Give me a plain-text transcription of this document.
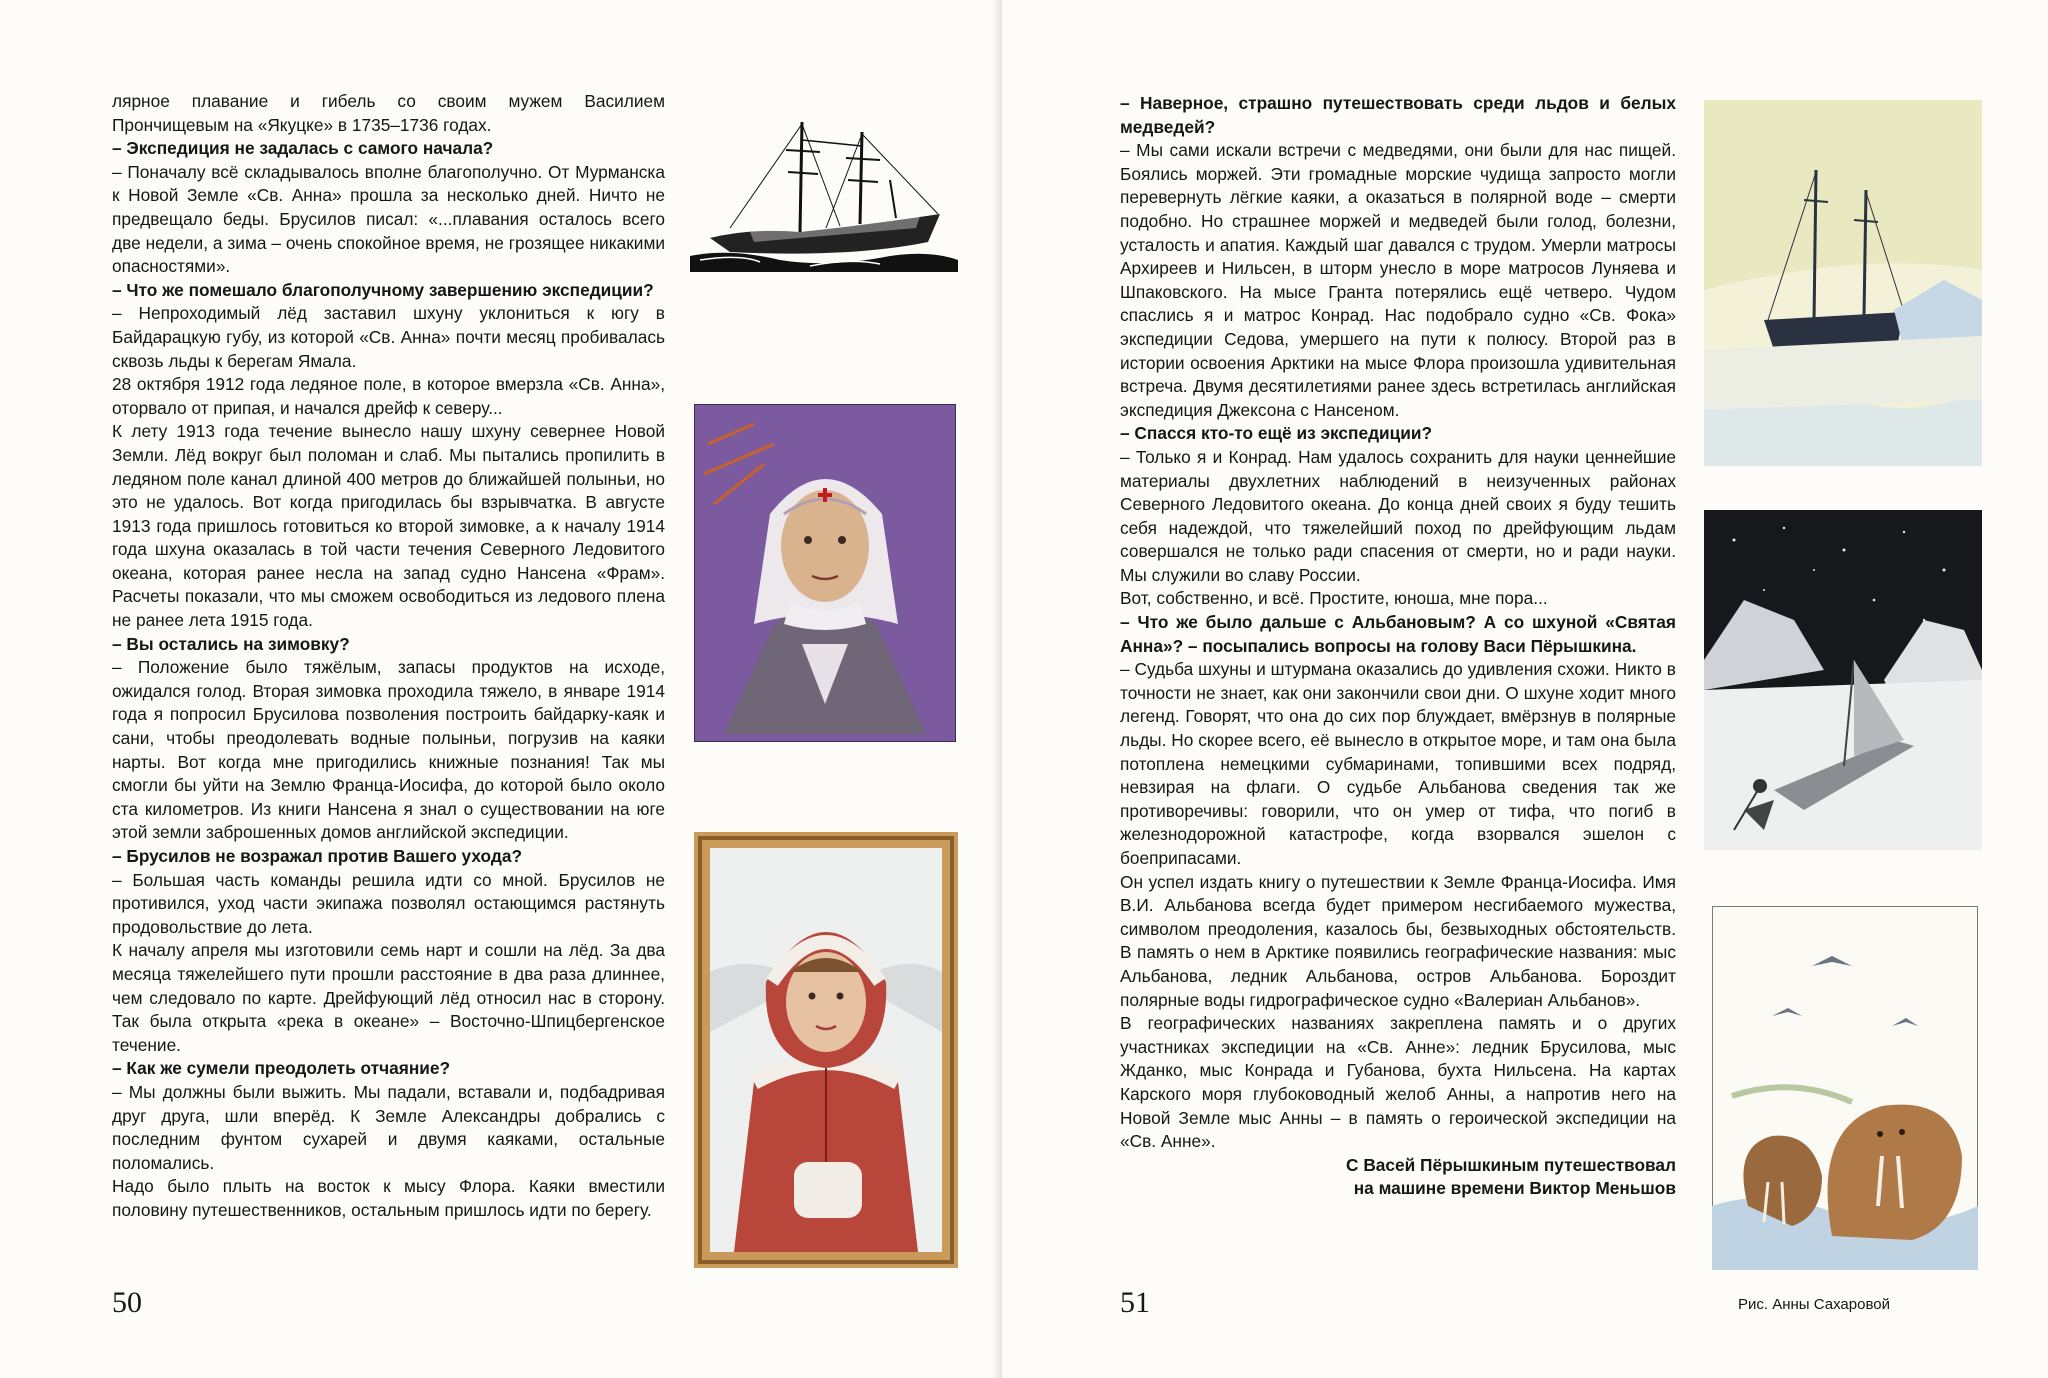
лярное плавание и гибель со своим мужем Василием Прончищевым на «Якуцке» в 1735–1736 годах.

– Экспедиция не задалась с самого начала?

– Поначалу всё складывалось вполне благополучно. От Мурманска к Новой Земле «Св. Анна» прошла за несколько дней. Ничто не предвещало беды. Брусилов писал: «...плавания осталось всего две недели, а зима – очень спокойное время, не грозящее никакими опасностями».

– Что же помешало благополучному завершению экспедиции?

– Непроходимый лёд заставил шхуну уклониться к югу в Байдарацкую губу, из которой «Св. Анна» почти месяц пробивалась сквозь льды к берегам Ямала.

28 октября 1912 года ледяное поле, в которое вмерзла «Св. Анна», оторвало от припая, и начался дрейф к северу...

К лету 1913 года течение вынесло нашу шхуну севернее Новой Земли. Лёд вокруг был поломан и слаб. Мы пытались пропилить в ледяном поле канал длиной 400 метров до ближайшей полыньи, но это не удалось. Вот когда пригодилась бы взрывчатка. В августе 1913 года пришлось готовиться ко второй зимовке, а к началу 1914 года шхуна оказалась в той части течения Северного Ледовитого океана, которая ранее несла на запад судно Нансена «Фрам». Расчеты показали, что мы сможем освободиться из ледового плена не ранее лета 1915 года.

– Вы остались на зимовку?

– Положение было тяжёлым, запасы продуктов на исходе, ожидался голод. Вторая зимовка проходила тяжело, в январе 1914 года я попросил Брусилова позволения построить байдарку-каяк и сани, чтобы преодолевать водные полыньи, погрузив на каяки нарты. Вот когда мне пригодились книжные познания! Так мы смогли бы уйти на Землю Франца-Иосифа, до которой было около ста километров. Из книги Нансена я знал о существовании на юге этой земли заброшенных домов английской экспедиции.

– Брусилов не возражал против Вашего ухода?

– Большая часть команды решила идти со мной. Брусилов не противился, уход части экипажа позволял остающимся растянуть продовольствие до лета.

К началу апреля мы изготовили семь нарт и сошли на лёд. За два месяца тяжелейшего пути прошли расстояние в два раза длиннее, чем следовало по карте. Дрейфующий лёд относил нас в сторону. Так была открыта «река в океане» – Восточно-Шпицбергенское течение.

– Как же сумели преодолеть отчаяние?

– Мы должны были выжить. Мы падали, вставали и, подбадривая друг друга, шли вперёд. К Земле Александры добрались с последним фунтом сухарей и двумя каяками, остальные поломались.

Надо было плыть на восток к мысу Флора. Каяки вместили половину путешественников, остальным пришлось идти по берегу.

50	51	Рис. Анны Сахаровой

– Наверное, страшно путешествовать среди льдов и белых медведей?

– Мы сами искали встречи с медведями, они были для нас пищей. Боялись моржей. Эти громадные морские чудища запросто могли перевернуть лёгкие каяки, а оказаться в полярной воде – смерти подобно. Но страшнее моржей и медведей были голод, болезни, усталость и апатия. Каждый шаг давался с трудом. Умерли матросы Архиреев и Нильсен, в шторм унесло в море матросов Луняева и Шпаковского. На мысе Гранта потерялись ещё четверо. Чудом спаслись я и матрос Конрад. Нас подобрало судно «Св. Фока» экспедиции Седова, умершего на пути к полюсу. Второй раз в истории освоения Арктики на мысе Флора произошла удивительная встреча. Двумя десятилетиями ранее здесь встретилась английская экспедиция Джексона с Нансеном.

– Спасся кто-то ещё из экспедиции?

– Только я и Конрад. Нам удалось сохранить для науки ценнейшие материалы двухлетних наблюдений в неизученных районах Северного Ледовитого океана. До конца дней своих я буду тешить себя надеждой, что тяжелейший поход по дрейфующим льдам совершался не только ради спасения от смерти, но и ради науки. Мы служили во славу России.

Вот, собственно, и всё. Простите, юноша, мне пора...

– Что же было дальше с Альбановым? А со шхуной «Святая Анна»? – посыпались вопросы на голову Васи Пёрышкина.

– Судьба шхуны и штурмана оказались до удивления схожи. Никто в точности не знает, как они закончили свои дни. О шхуне ходит много легенд. Говорят, что она до сих пор блуждает, вмёрзнув в полярные льды. Но скорее всего, её вынесло в открытое море, и там она была потоплена немецкими субмаринами, топившими всех подряд, невзирая на флаги. О судьбе Альбанова сведения так же противоречивы: говорили, что он умер от тифа, что погиб в железнодорожной катастрофе, когда взорвался эшелон с боеприпасами.

Он успел издать книгу о путешествии к Земле Франца-Иосифа. Имя В.И. Альбанова всегда будет примером несгибаемого мужества, символом преодоления, казалось бы, безвыходных обстоятельств. В память о нем в Арктике появились географические названия: мыс Альбанова, ледник Альбанова, остров Альбанова. Бороздит полярные воды гидрографическое судно «Валериан Альбанов».

В географических названиях закреплена память и о других участниках экспедиции на «Св. Анне»: ледник Брусилова, мыс Жданко, мыс Конрада и Губанова, бухта Нильсена. На картах Карского моря глубоководный желоб Анны, а напротив него на Новой Земле мыс Анны – в память о героической экспедиции на «Св. Анне».

С Васей Пёрышкиным путешествовал

на машине времени Виктор Меньшов
